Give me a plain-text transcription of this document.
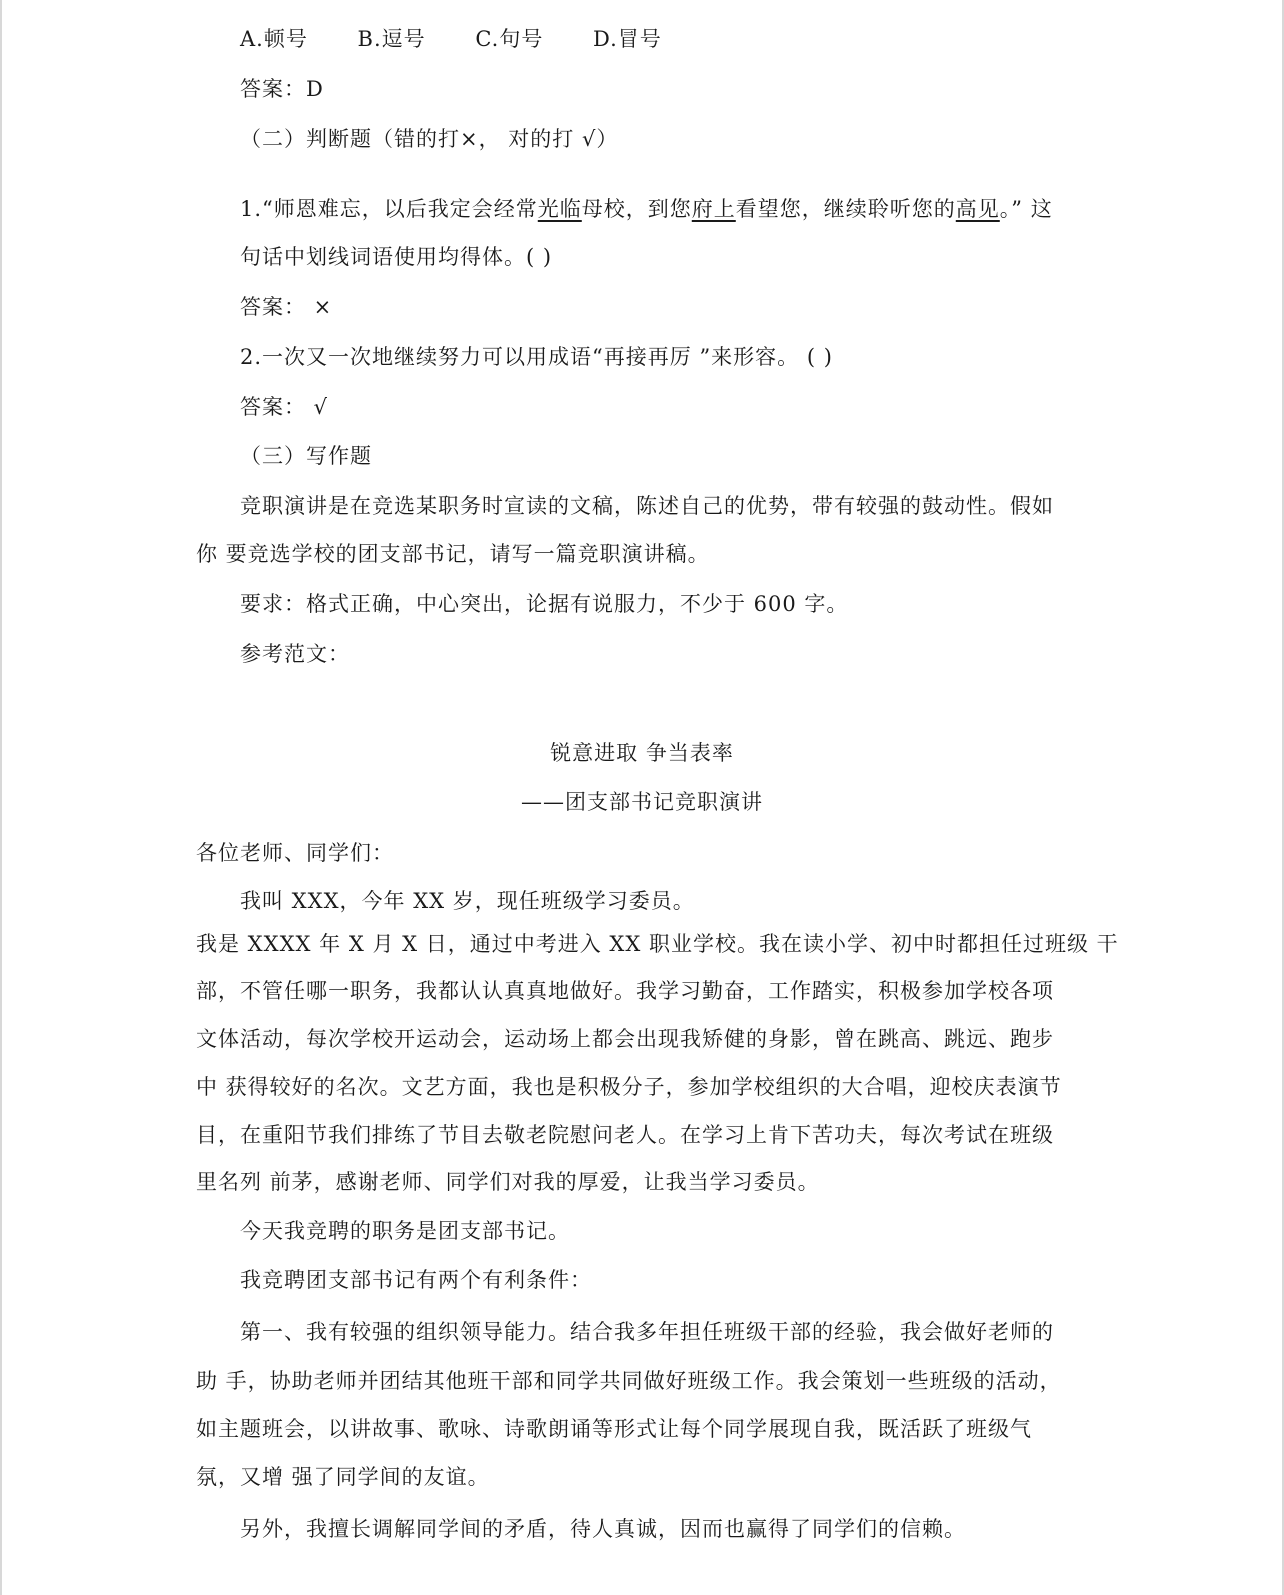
A.顿号 B.逗号 C.句号 D.冒号
答案：D
（二）判断题（错的打×， 对的打 √）
1.“师恩难忘，以后我定会经常光临母校，到您府上看望您，继续聆听您的高见。” 这
句话中划线词语使用均得体。( )
答案： ×
2.一次又一次地继续努力可以用成语“再接再厉 ”来形容。 ( )
答案： √
（三）写作题
竞职演讲是在竞选某职务时宣读的文稿，陈述自己的优势，带有较强的鼓动性。假如
你 要竞选学校的团支部书记，请写一篇竞职演讲稿。
要求：格式正确，中心突出，论据有说服力，不少于 600 字。
参考范文：
锐意进取 争当表率
——团支部书记竞职演讲
各位老师、同学们：
我叫 XXX，今年 XX 岁，现任班级学习委员。
我是 XXXX 年 X 月 X 日，通过中考进入 XX 职业学校。我在读小学、初中时都担任过班级 干
部，不管任哪一职务，我都认认真真地做好。我学习勤奋，工作踏实，积极参加学校各项
文体活动，每次学校开运动会，运动场上都会出现我矫健的身影，曾在跳高、跳远、跑步
中 获得较好的名次。文艺方面，我也是积极分子，参加学校组织的大合唱，迎校庆表演节
目，在重阳节我们排练了节目去敬老院慰问老人。在学习上肯下苦功夫，每次考试在班级
里名列 前茅，感谢老师、同学们对我的厚爱，让我当学习委员。
今天我竞聘的职务是团支部书记。
我竞聘团支部书记有两个有利条件：
第一、我有较强的组织领导能力。结合我多年担任班级干部的经验，我会做好老师的
助 手，协助老师并团结其他班干部和同学共同做好班级工作。我会策划一些班级的活动，
如主题班会，以讲故事、歌咏、诗歌朗诵等形式让每个同学展现自我，既活跃了班级气
氛，又增 强了同学间的友谊。
另外，我擅长调解同学间的矛盾，待人真诚，因而也赢得了同学们的信赖。
